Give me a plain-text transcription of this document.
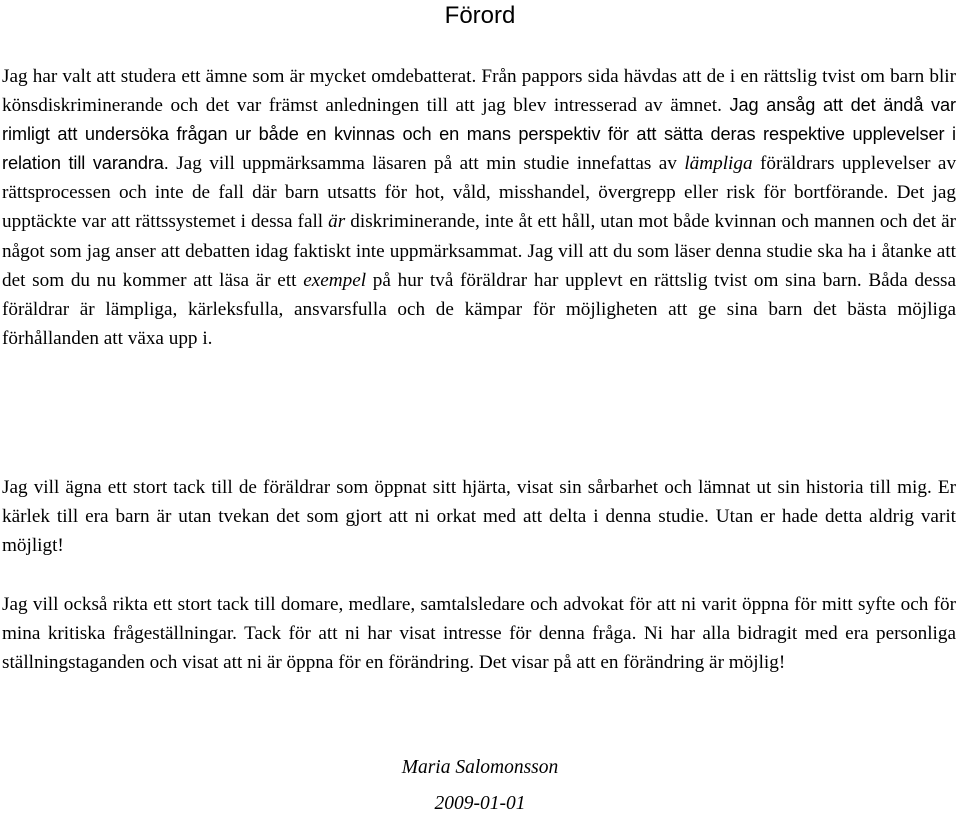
Förord

Jag har valt att studera ett ämne som är mycket omdebatterat. Från pappors sida hävdas att de i en rättslig tvist om barn blir könsdiskriminerande och det var främst anledningen till att jag blev intresserad av ämnet. Jag ansåg att det ändå var rimligt att undersöka frågan ur både en kvinnas och en mans perspektiv för att sätta deras respektive upplevelser i relation till varandra. Jag vill uppmärksamma läsaren på att min studie innefattas av lämpliga föräldrars upplevelser av rättsprocessen och inte de fall där barn utsatts för hot, våld, misshandel, övergrepp eller risk för bortförande. Det jag upptäckte var att rättssystemet i dessa fall är diskriminerande, inte åt ett håll, utan mot både kvinnan och mannen och det är något som jag anser att debatten idag faktiskt inte uppmärksammat. Jag vill att du som läser denna studie ska ha i åtanke att det som du nu kommer att läsa är ett exempel på hur två föräldrar har upplevt en rättslig tvist om sina barn. Båda dessa föräldrar är lämpliga, kärleksfulla, ansvarsfulla och de kämpar för möjligheten att ge sina barn det bästa möjliga förhållanden att växa upp i.

Jag vill ägna ett stort tack till de föräldrar som öppnat sitt hjärta, visat sin sårbarhet och lämnat ut sin historia till mig. Er kärlek till era barn är utan tvekan det som gjort att ni orkat med att delta i denna studie. Utan er hade detta aldrig varit möjligt!

Jag vill också rikta ett stort tack till domare, medlare, samtalsledare och advokat för att ni varit öppna för mitt syfte och för mina kritiska frågeställningar. Tack för att ni har visat intresse för denna fråga. Ni har alla bidragit med era personliga ställningstaganden och visat att ni är öppna för en förändring. Det visar på att en förändring är möjlig!

Maria Salomonsson
2009-01-01
